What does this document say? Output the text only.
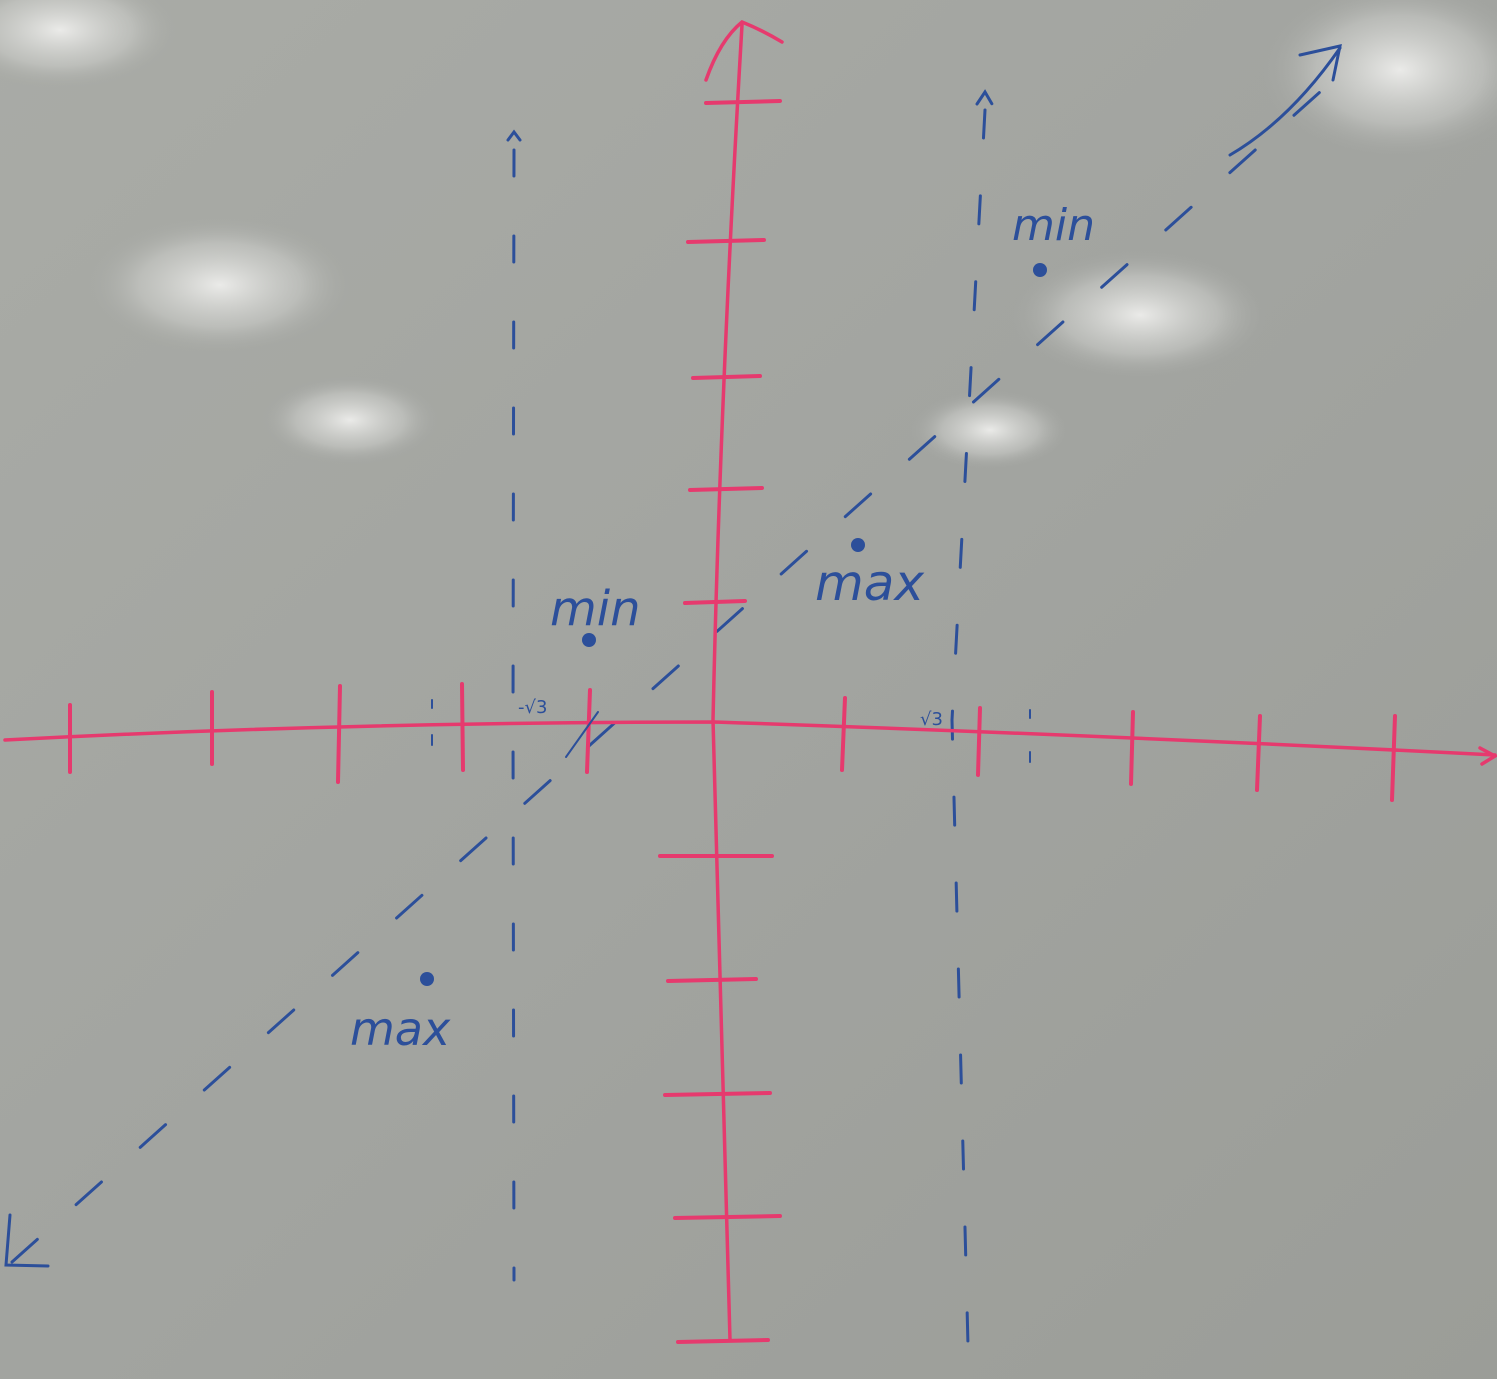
min
max
min
max
-√3
√3
